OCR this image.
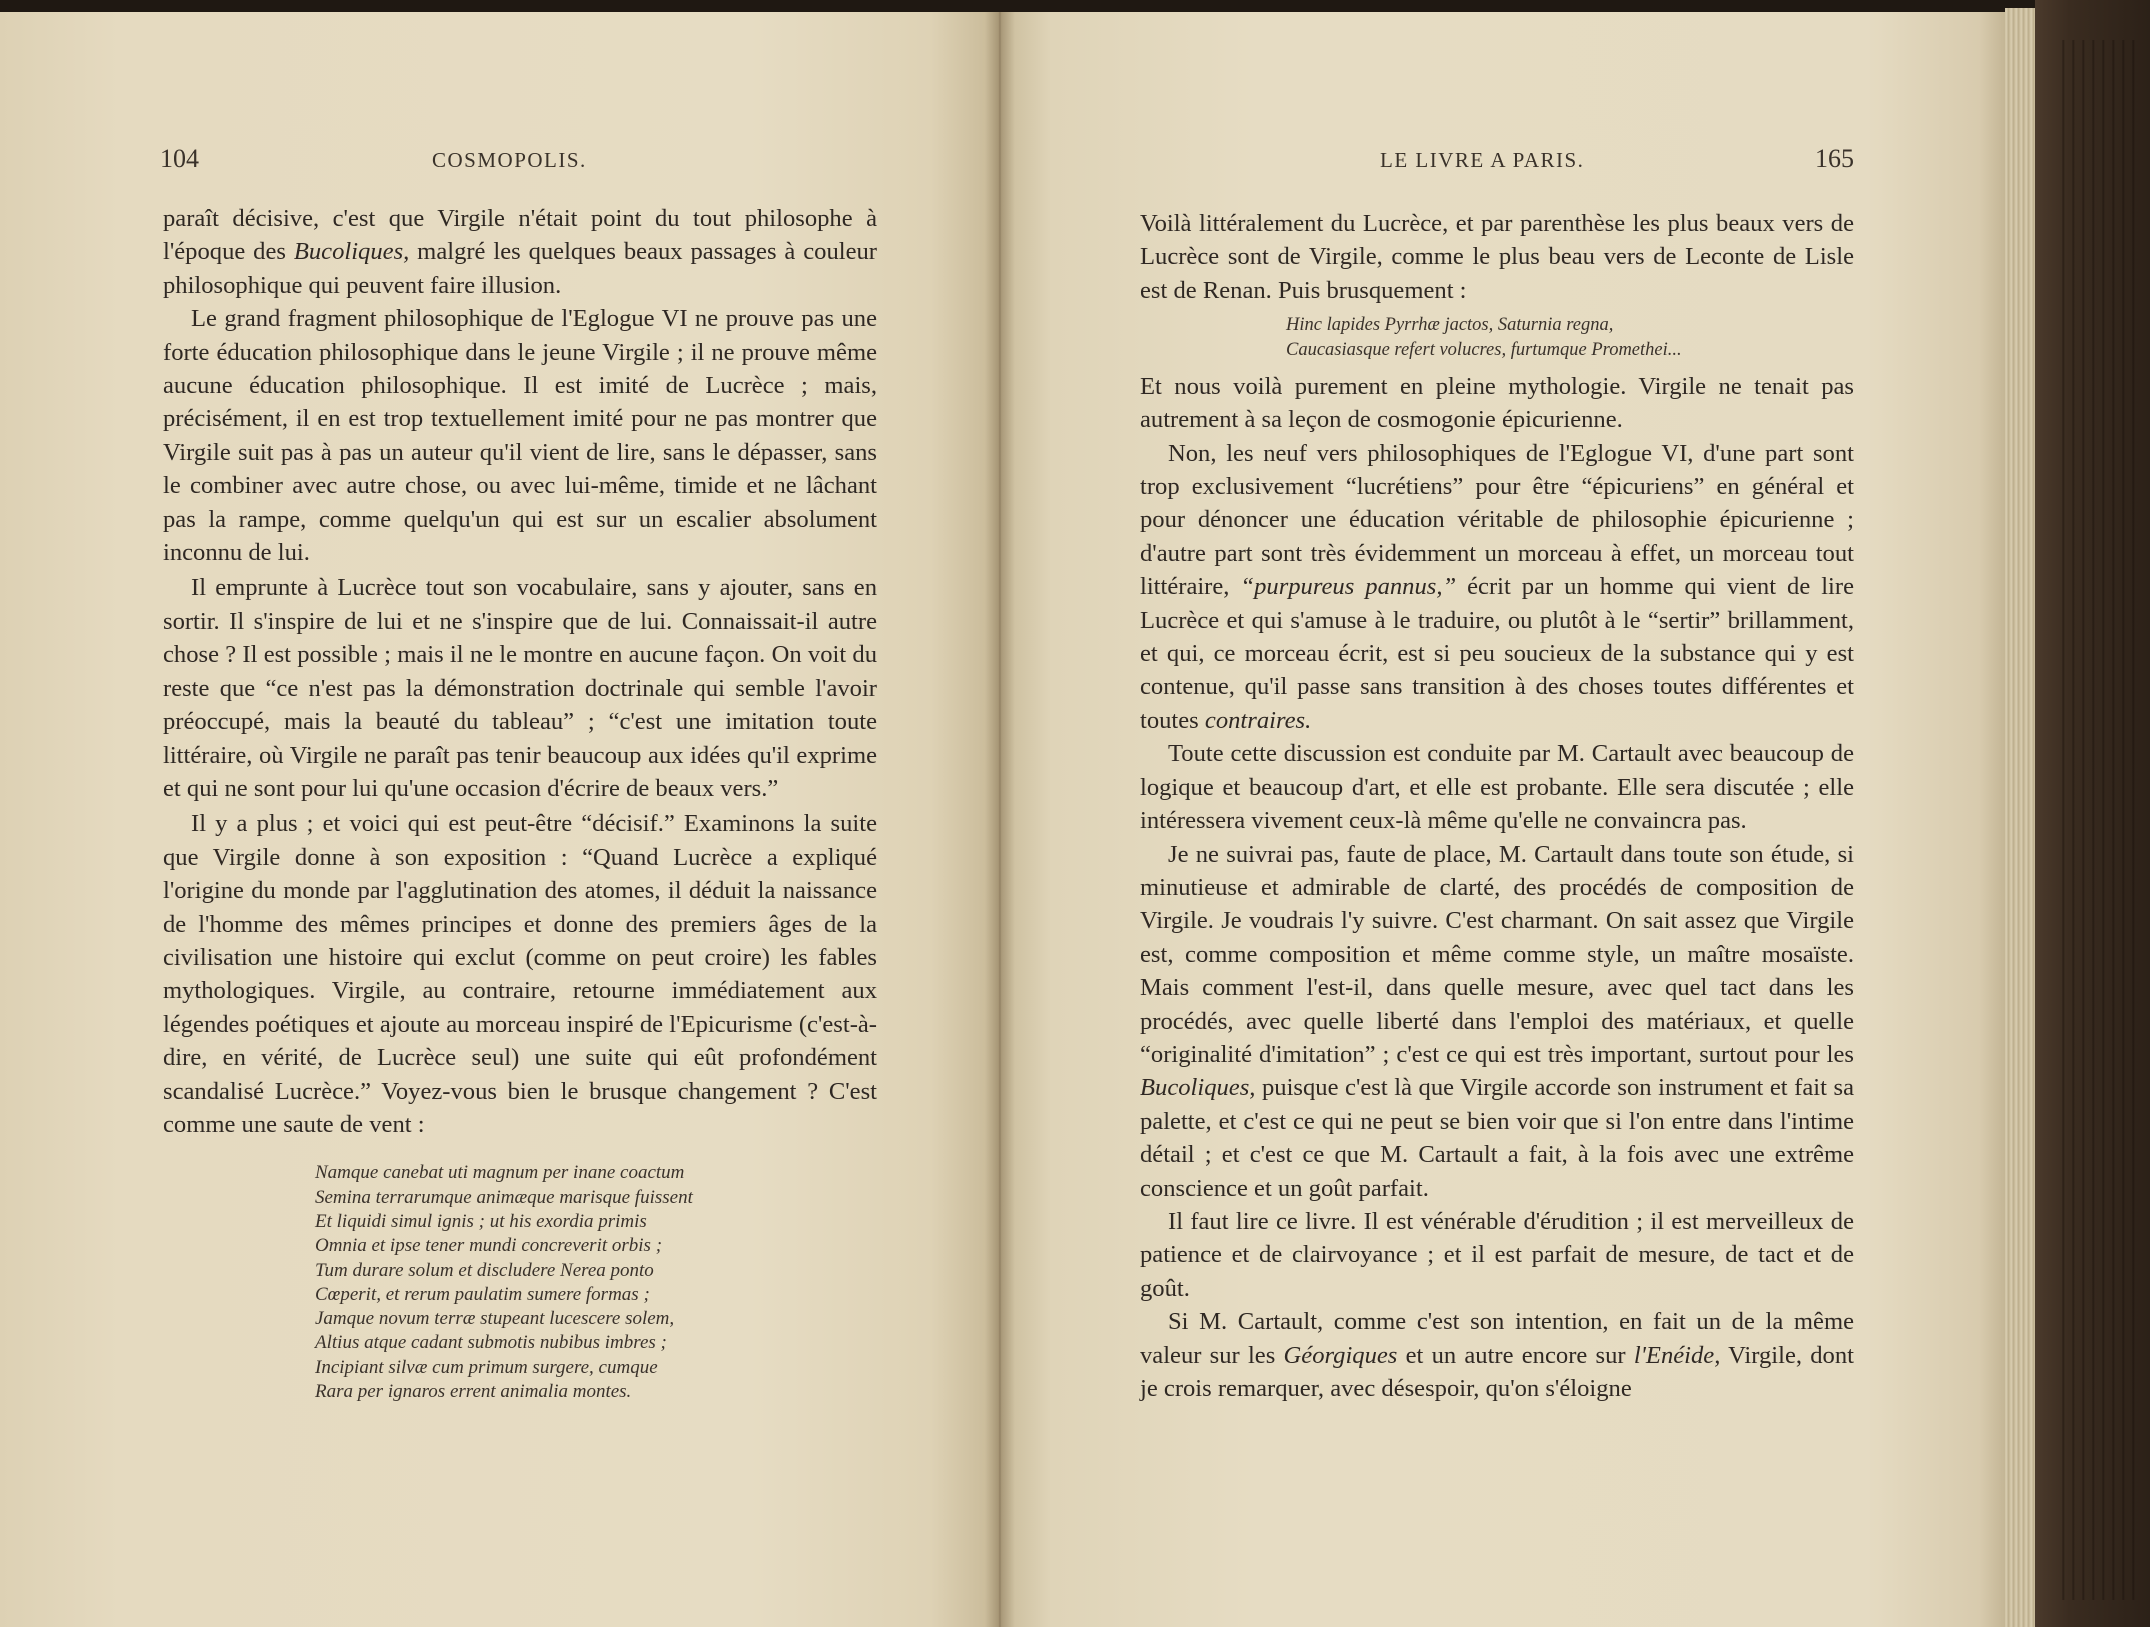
104	COSMOPOLIS.

paraît décisive, c'est que Virgile n'était point du tout philosophe à l'époque des Bucoliques, malgré les quelques beaux passages à couleur philosophique qui peuvent faire illusion.

Le grand fragment philosophique de l'Eglogue VI ne prouve pas une forte éducation philosophique dans le jeune Virgile ; il ne prouve même aucune éducation philosophique. Il est imité de Lucrèce ; mais, précisément, il en est trop textuellement imité pour ne pas montrer que Virgile suit pas à pas un auteur qu'il vient de lire, sans le dépasser, sans le combiner avec autre chose, ou avec lui-même, timide et ne lâchant pas la rampe, comme quelqu'un qui est sur un escalier absolument inconnu de lui.

Il emprunte à Lucrèce tout son vocabulaire, sans y ajouter, sans en sortir. Il s'inspire de lui et ne s'inspire que de lui. Connaissait-il autre chose ? Il est possible ; mais il ne le montre en aucune façon. On voit du reste que “ce n'est pas la démonstration doctrinale qui semble l'avoir préoccupé, mais la beauté du tableau” ; “c'est une imitation toute littéraire, où Virgile ne paraît pas tenir beaucoup aux idées qu'il exprime et qui ne sont pour lui qu'une occasion d'écrire de beaux vers.”

Il y a plus ; et voici qui est peut-être “décisif.” Examinons la suite que Virgile donne à son exposition : “Quand Lucrèce a expliqué l'origine du monde par l'agglutination des atomes, il déduit la naissance de l'homme des mêmes principes et donne des premiers âges de la civilisation une histoire qui exclut (comme on peut croire) les fables mythologiques. Virgile, au contraire, retourne immédiatement aux légendes poétiques et ajoute au morceau inspiré de l'Epicurisme (c'est-à-dire, en vérité, de Lucrèce seul) une suite qui eût profondément scandalisé Lucrèce.” Voyez-vous bien le brusque changement ? C'est comme une saute de vent :

Namque canebat uti magnum per inane coactum
Semina terrarumque animæque marisque fuissent
Et liquidi simul ignis ; ut his exordia primis
Omnia et ipse tener mundi concreverit orbis ;
Tum durare solum et discludere Nerea ponto
Cœperit, et rerum paulatim sumere formas ;
Jamque novum terræ stupeant lucescere solem,
Altius atque cadant submotis nubibus imbres ;
Incipiant silvæ cum primum surgere, cumque
Rara per ignaros errent animalia montes.
LE LIVRE A PARIS.	165

Voilà littéralement du Lucrèce, et par parenthèse les plus beaux vers de Lucrèce sont de Virgile, comme le plus beau vers de Leconte de Lisle est de Renan. Puis brusquement :

Hinc lapides Pyrrhæ jactos, Saturnia regna,
Caucasiasque refert volucres, furtumque Promethei...

Et nous voilà purement en pleine mythologie. Virgile ne tenait pas autrement à sa leçon de cosmogonie épicurienne.

Non, les neuf vers philosophiques de l'Eglogue VI, d'une part sont trop exclusivement “lucrétiens” pour être “épicuriens” en général et pour dénoncer une éducation véritable de philosophie épicurienne ; d'autre part sont très évidemment un morceau à effet, un morceau tout littéraire, “purpureus pannus,” écrit par un homme qui vient de lire Lucrèce et qui s'amuse à le traduire, ou plutôt à le “sertir” brillamment, et qui, ce morceau écrit, est si peu soucieux de la substance qui y est contenue, qu'il passe sans transition à des choses toutes différentes et toutes contraires.

Toute cette discussion est conduite par M. Cartault avec beaucoup de logique et beaucoup d'art, et elle est probante. Elle sera discutée ; elle intéressera vivement ceux-là même qu'elle ne convaincra pas.

Je ne suivrai pas, faute de place, M. Cartault dans toute son étude, si minutieuse et admirable de clarté, des procédés de composition de Virgile. Je voudrais l'y suivre. C'est charmant. On sait assez que Virgile est, comme composition et même comme style, un maître mosaïste. Mais comment l'est-il, dans quelle mesure, avec quel tact dans les procédés, avec quelle liberté dans l'emploi des matériaux, et quelle “originalité d'imitation” ; c'est ce qui est très important, surtout pour les Bucoliques, puisque c'est là que Virgile accorde son instrument et fait sa palette, et c'est ce qui ne peut se bien voir que si l'on entre dans l'intime détail ; et c'est ce que M. Cartault a fait, à la fois avec une extrême conscience et un goût parfait.

Il faut lire ce livre. Il est vénérable d'érudition ; il est merveilleux de patience et de clairvoyance ; et il est parfait de mesure, de tact et de goût.

Si M. Cartault, comme c'est son intention, en fait un de la même valeur sur les Géorgiques et un autre encore sur l'Enéide, Virgile, dont je crois remarquer, avec désespoir, qu'on s'éloigne
